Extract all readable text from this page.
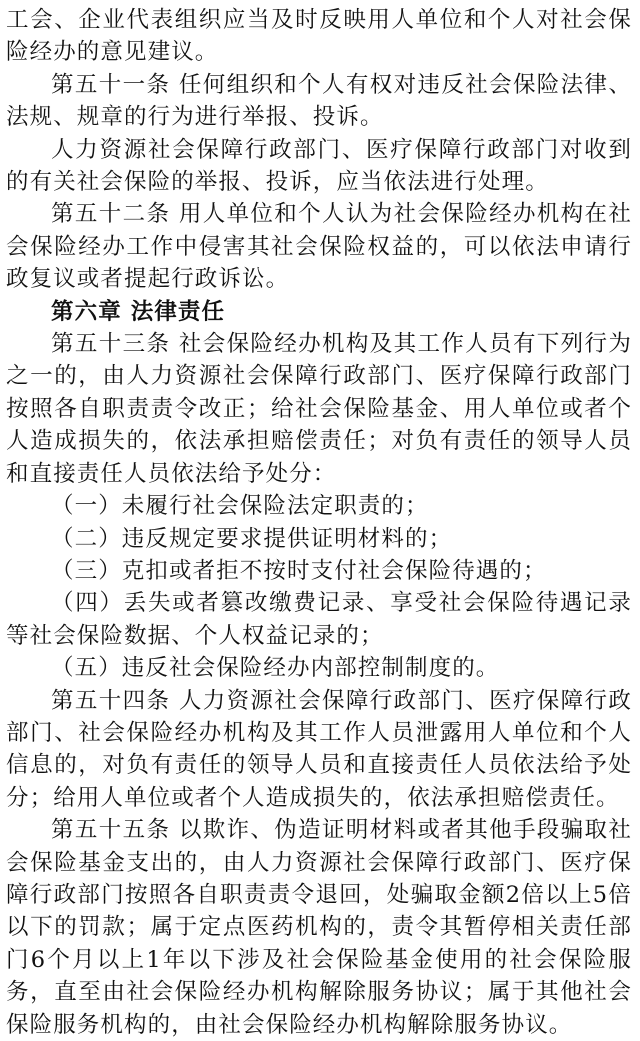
工会、企业代表组织应当及时反映用人单位和个人对社会保险经办的意见建议。

第五十一条 任何组织和个人有权对违反社会保险法律、法规、规章的行为进行举报、投诉。

人力资源社会保障行政部门、医疗保障行政部门对收到的有关社会保险的举报、投诉，应当依法进行处理。

第五十二条 用人单位和个人认为社会保险经办机构在社会保险经办工作中侵害其社会保险权益的，可以依法申请行政复议或者提起行政诉讼。

第六章 法律责任

第五十三条 社会保险经办机构及其工作人员有下列行为之一的，由人力资源社会保障行政部门、医疗保障行政部门按照各自职责责令改正；给社会保险基金、用人单位或者个人造成损失的，依法承担赔偿责任；对负有责任的领导人员和直接责任人员依法给予处分：

（一）未履行社会保险法定职责的；

（二）违反规定要求提供证明材料的；

（三）克扣或者拒不按时支付社会保险待遇的；

（四）丢失或者篡改缴费记录、享受社会保险待遇记录等社会保险数据、个人权益记录的；

（五）违反社会保险经办内部控制制度的。

第五十四条 人力资源社会保障行政部门、医疗保障行政部门、社会保险经办机构及其工作人员泄露用人单位和个人信息的，对负有责任的领导人员和直接责任人员依法给予处分；给用人单位或者个人造成损失的，依法承担赔偿责任。

第五十五条 以欺诈、伪造证明材料或者其他手段骗取社会保险基金支出的，由人力资源社会保障行政部门、医疗保障行政部门按照各自职责责令退回，处骗取金额2倍以上5倍以下的罚款；属于定点医药机构的，责令其暂停相关责任部门6个月以上1年以下涉及社会保险基金使用的社会保险服务，直至由社会保险经办机构解除服务协议；属于其他社会保险服务机构的，由社会保险经办机构解除服务协议。
